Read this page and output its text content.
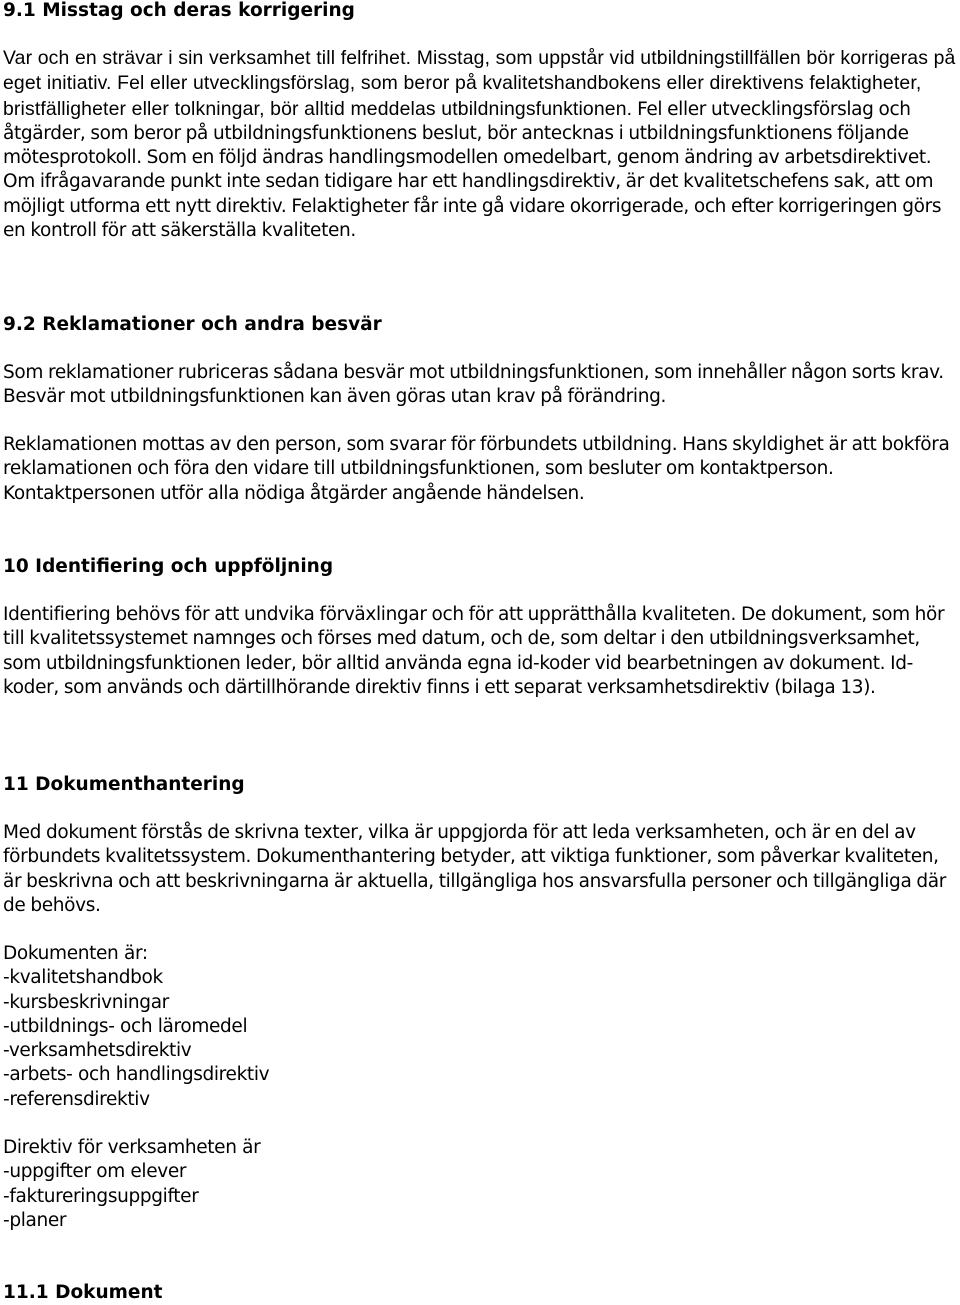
9.1 Misstag och deras korrigering

Var och en strävar i sin verksamhet till felfrihet. Misstag, som uppstår vid utbildningstillfällen bör korrigeras på eget initiativ. Fel eller utvecklingsförslag, som beror på kvalitetshandbokens eller direktivens felaktigheter, bristfälligheter eller tolkningar, bör alltid meddelas utbildningsfunktionen. Fel eller utvecklingsförslag och åtgärder, som beror på utbildningsfunktionens beslut, bör antecknas i utbildningsfunktionens följande mötesprotokoll. Som en följd ändras handlingsmodellen omedelbart, genom ändring av arbetsdirektivet. Om ifrågavarande punkt inte sedan tidigare har ett handlingsdirektiv, är det kvalitetschefens sak, att om möjligt utforma ett nytt direktiv. Felaktigheter får inte gå vidare okorrigerade, och efter korrigeringen görs en kontroll för att säkerställa kvaliteten.

9.2 Reklamationer och andra besvär

Som reklamationer rubriceras sådana besvär mot utbildningsfunktionen, som innehåller någon sorts krav. Besvär mot utbildningsfunktionen kan även göras utan krav på förändring.

Reklamationen mottas av den person, som svarar för förbundets utbildning. Hans skyldighet är att bokföra reklamationen och föra den vidare till utbildningsfunktionen, som besluter om kontaktperson. Kontaktpersonen utför alla nödiga åtgärder angående händelsen.

10 Identifiering och uppföljning

Identifiering behövs för att undvika förväxlingar och för att upprätthålla kvaliteten. De dokument, som hör till kvalitetssystemet namnges och förses med datum, och de, som deltar i den utbildningsverksamhet, som utbildningsfunktionen leder, bör alltid använda egna id-koder vid bearbetningen av dokument. Id-koder, som används och därtillhörande direktiv finns i ett separat verksamhetsdirektiv (bilaga 13).

11 Dokumenthantering

Med dokument förstås de skrivna texter, vilka är uppgjorda för att leda verksamheten, och är en del av förbundets kvalitetssystem. Dokumenthantering betyder, att viktiga funktioner, som påverkar kvaliteten, är beskrivna och att beskrivningarna är aktuella, tillgängliga hos ansvarsfulla personer och tillgängliga där de behövs.

Dokumenten är:

-kvalitetshandbok

-kursbeskrivningar

-utbildnings- och läromedel

-verksamhetsdirektiv

-arbets- och handlingsdirektiv

-referensdirektiv

Direktiv för verksamheten är

-uppgifter om elever

-faktureringsuppgifter

-planer

11.1 Dokument
